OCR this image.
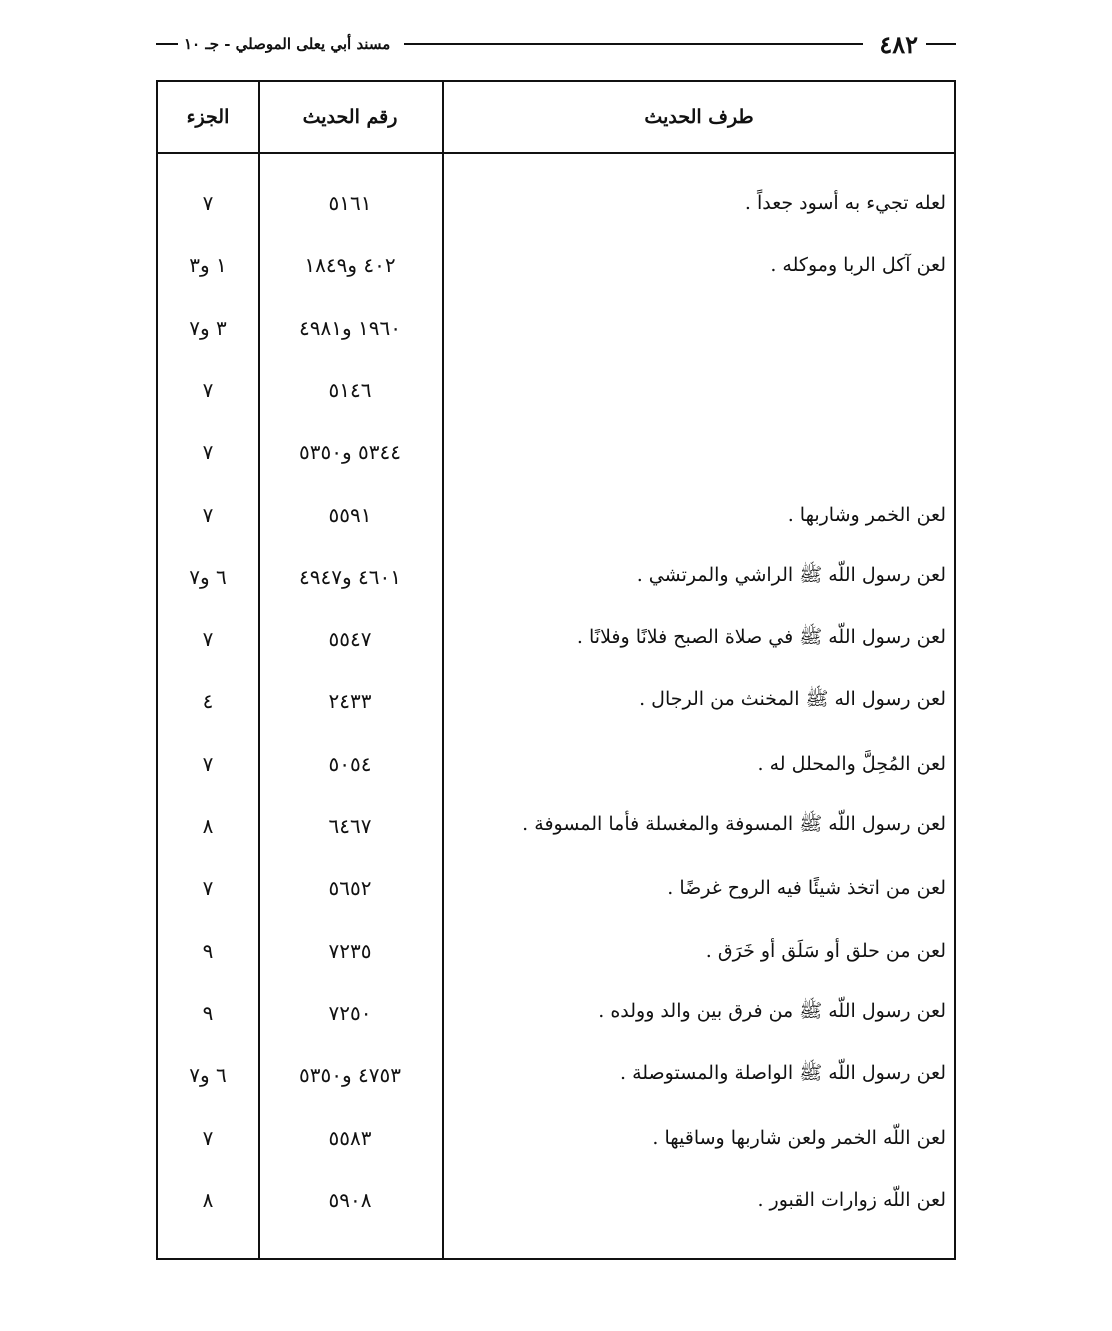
٤٨٢
مسند أبي يعلى الموصلي - جـ ١٠
الجزء	رقم الحديث	طرف الحديث
٧	٥١٦١	لعله تجيء به أسود جعداً .
١ و٣	٤٠٢ و١٨٤٩	لعن آكل الربا وموكله .
٣ و٧	١٩٦٠ و٤٩٨١
٧	٥١٤٦
٧	٥٣٤٤ و٥٣٥٠
٧	٥٥٩١	لعن الخمر وشاربها .
٦ و٧	٤٦٠١ و٤٩٤٧	لعن رسول اللّه ﷺ الراشي والمرتشي .
٧	٥٥٤٧	لعن رسول اللّه ﷺ في صلاة الصبح فلانًا وفلانًا .
٤	٢٤٣٣	لعن رسول اله ﷺ المخنث من الرجال .
٧	٥٠٥٤	لعن المُحِلَّ والمحلل له .
٨	٦٤٦٧	لعن رسول اللّه ﷺ المسوفة والمغسلة فأما المسوفة .
٧	٥٦٥٢	لعن من اتخذ شيئًا فيه الروح غرضًا .
٩	٧٢٣٥	لعن من حلق أو سَلَق أو خَرَق .
٩	٧٢٥٠	لعن رسول اللّه ﷺ من فرق بين والد وولده .
٦ و٧	٤٧٥٣ و٥٣٥٠	لعن رسول اللّه ﷺ الواصلة والمستوصلة .
٧	٥٥٨٣	لعن اللّه الخمر ولعن شاربها وساقيها .
٨	٥٩٠٨	لعن اللّه زوارات القبور .
